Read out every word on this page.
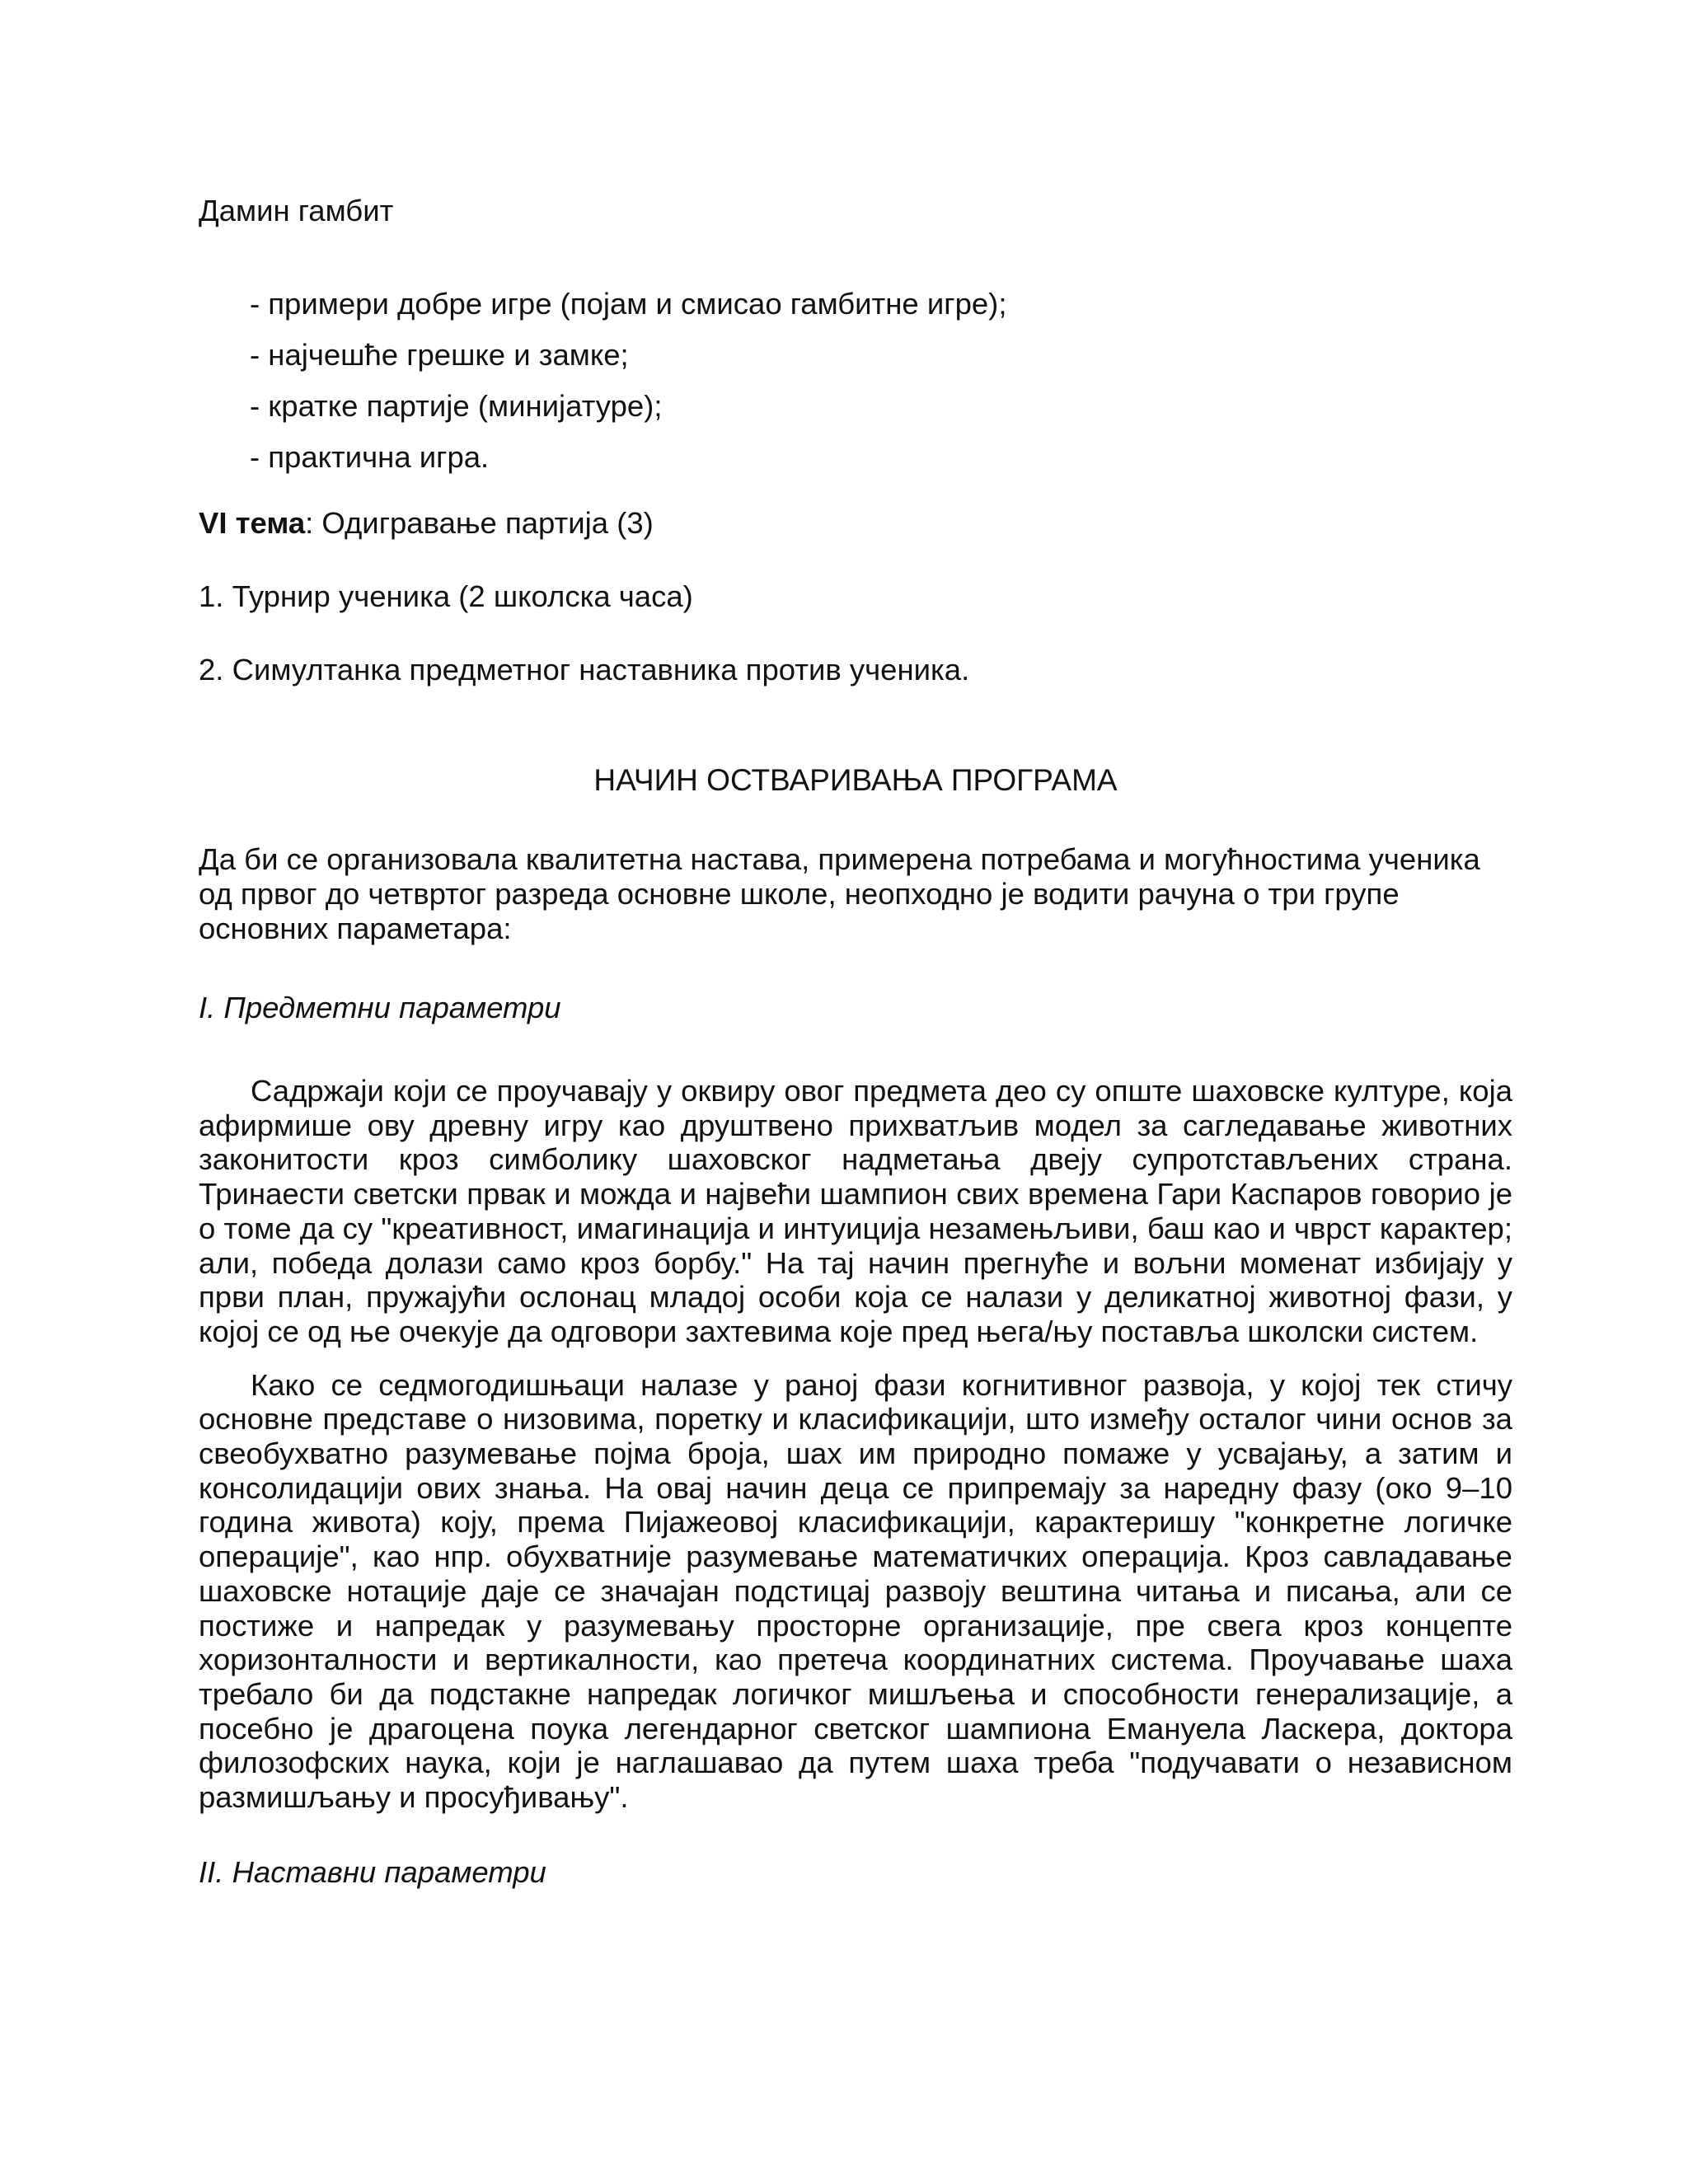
Дамин гамбит

- примери добре игре (појам и смисао гамбитне игре);
- најчешће грешке и замке;
- кратке партије (минијатуре);
- практична игра.

VI тема: Одигравање партија (3)

1. Турнир ученика (2 школска часа)

2. Симултанка предметног наставника против ученика.

НАЧИН ОСТВАРИВАЊА ПРОГРАМА

Да би се организовала квалитетна настава, примерена потребама и могућностима ученика од првог до четвртог разреда основне школе, неопходно је водити рачуна о три групе основних параметара:

I. Предметни параметри

Садржаји који се проучавају у оквиру овог предмета део су опште шаховске културе, која афирмише ову древну игру као друштвено прихватљив модел за сагледавање животних законитости кроз симболику шаховског надметања двеју супротстављених страна. Тринаести светски првак и можда и највећи шампион свих времена Гари Каспаров говорио је о томе да су "креативност, имагинација и интуиција незамењљиви, баш као и чврст карактер; али, победа долази само кроз борбу." На тај начин прегнуће и вољни моменат избијају у први план, пружајући ослонац младој особи која се налази у деликатној животној фази, у којој се од ње очекује да одговори захтевима које пред њега/њу поставља школски систем.

Како се седмогодишњаци налазе у раној фази когнитивног развоја, у којој тек стичу основне представе о низовима, поретку и класификацији, што између осталог чини основ за свеобухватно разумевање појма броја, шах им природно помаже у усвајању, а затим и консолидацији ових знања. На овај начин деца се припремају за наредну фазу (око 9–10 година живота) коју, према Пијажеовој класификацији, карактеришу "конкретне логичке операције", као нпр. обухватније разумевање математичких операција. Кроз савладавање шаховске нотације даје се значајан подстицај развоју вештина читања и писања, али се постиже и напредак у разумевању просторне организације, пре свега кроз концепте хоризонталности и вертикалности, као претеча координатних система. Проучавање шаха требало би да подстакне напредак логичког мишљења и способности генерализације, а посебно је драгоцена поука легендарног светског шампиона Емануела Ласкера, доктора филозофских наука, који је наглашавао да путем шаха треба "подучавати о независном размишљању и просуђивању".

II. Наставни параметри
